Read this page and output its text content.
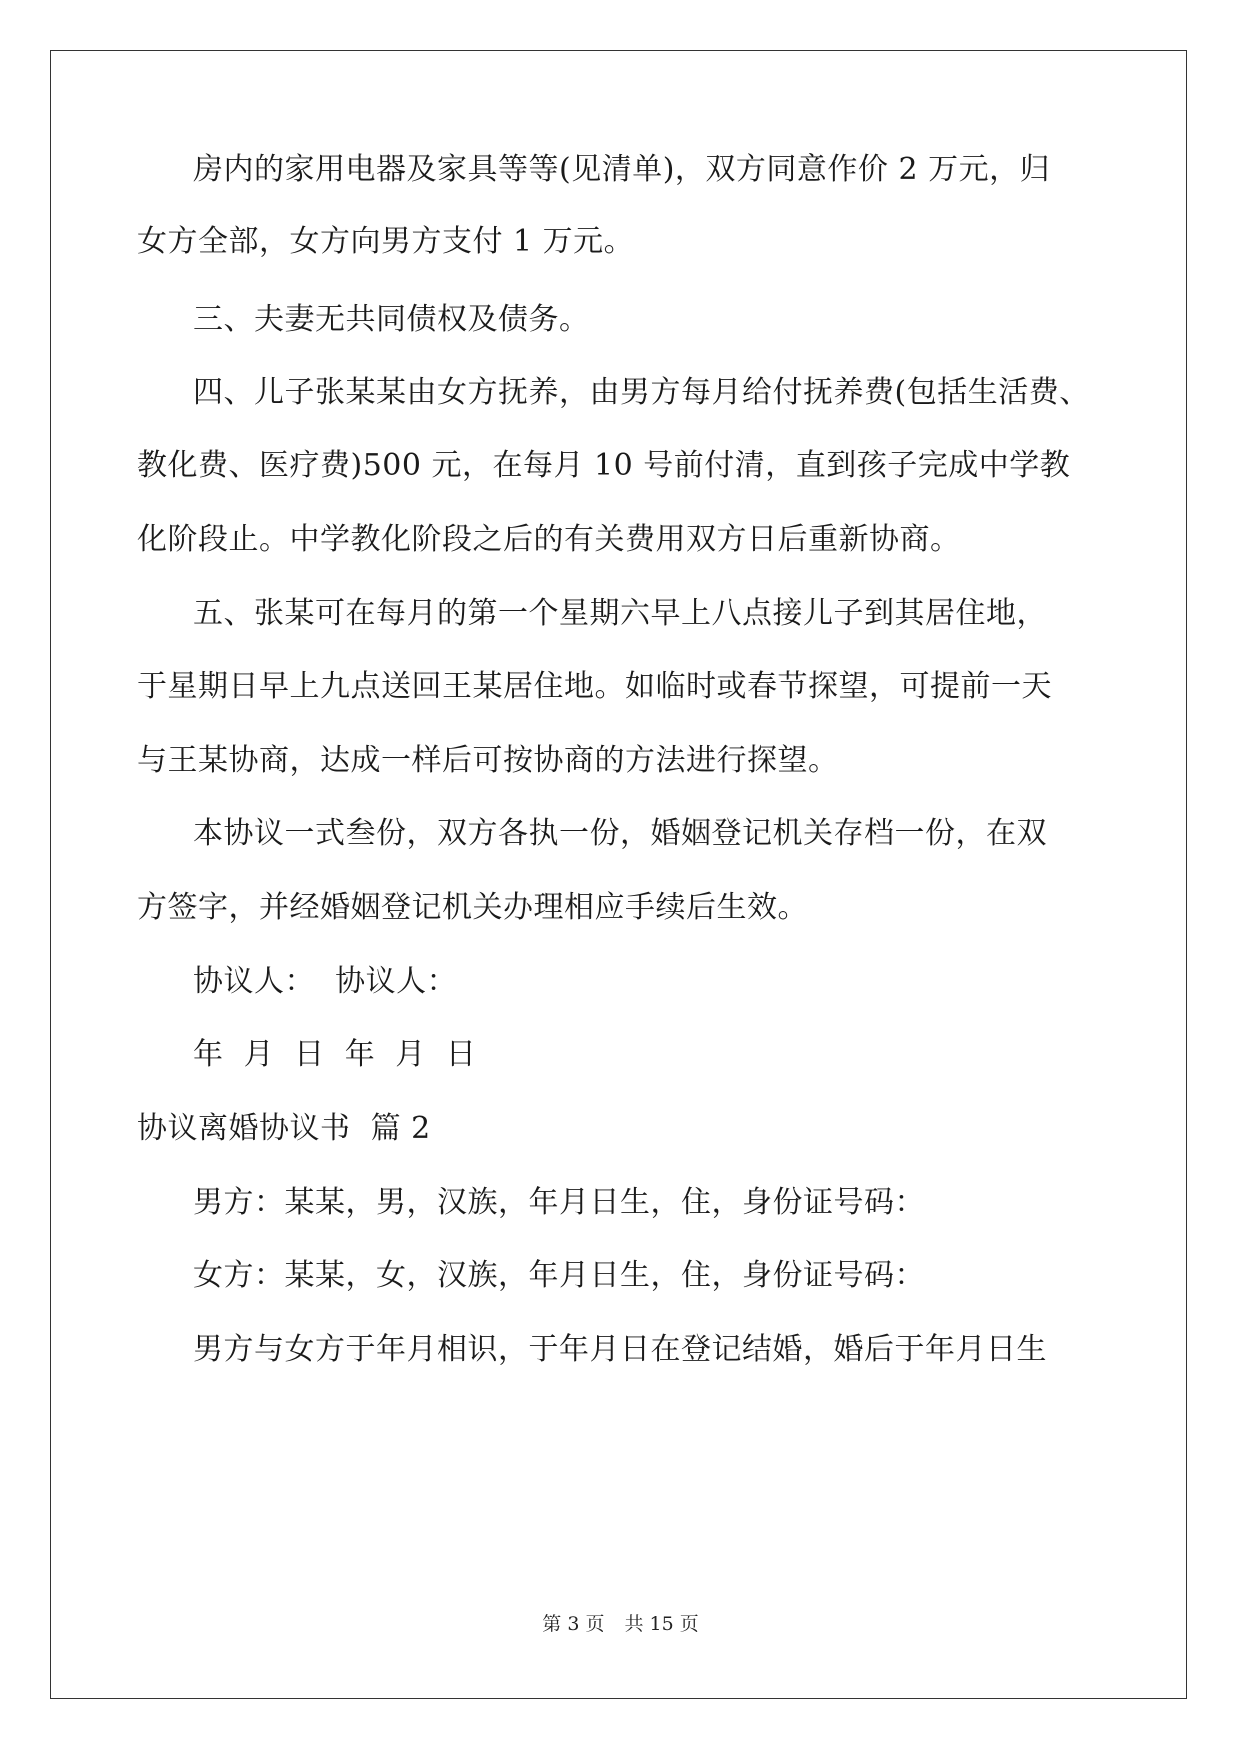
房内的家用电器及家具等等(见清单)，双方同意作价 2 万元，归
女方全部，女方向男方支付 1 万元。
三、夫妻无共同债权及债务。
四、儿子张某某由女方抚养，由男方每月给付抚养费(包括生活费、
教化费、医疗费)500 元，在每月 10 号前付清，直到孩子完成中学教
化阶段止。中学教化阶段之后的有关费用双方日后重新协商。
五、张某可在每月的第一个星期六早上八点接儿子到其居住地，
于星期日早上九点送回王某居住地。如临时或春节探望，可提前一天
与王某协商，达成一样后可按协商的方法进行探望。
本协议一式叁份，双方各执一份，婚姻登记机关存档一份，在双
方签字，并经婚姻登记机关办理相应手续后生效。
协议人：  协议人：
年  月  日  年  月  日
协议离婚协议书  篇 2
男方：某某，男，汉族，年月日生，住，身份证号码：
女方：某某，女，汉族，年月日生，住，身份证号码：
男方与女方于年月相识，于年月日在登记结婚，婚后于年月日生
第 3 页 共 15 页
